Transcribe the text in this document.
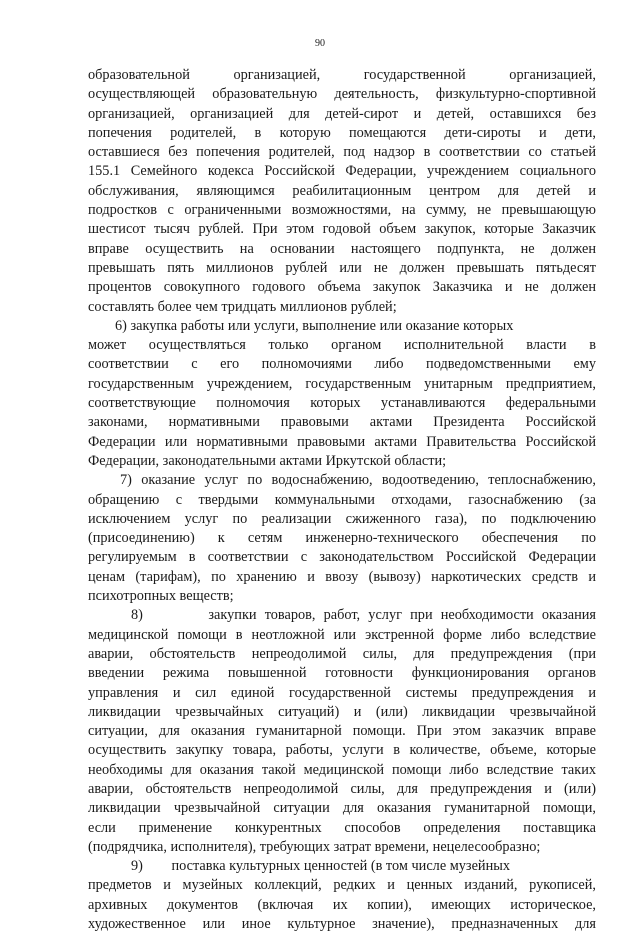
90

образовательной организацией, государственной организацией,

осуществляющей образовательную деятельность, физкультурно-спортивной

организацией, организацией для детей-сирот и детей, оставшихся без

попечения родителей, в которую помещаются дети-сироты и дети,

оставшиеся без попечения родителей, под надзор в соответствии со статьей

155.1 Семейного кодекса Российской Федерации, учреждением социального

обслуживания, являющимся реабилитационным центром для детей и

подростков с ограниченными возможностями, на сумму, не превышающую

шестисот тысяч рублей. При этом годовой объем закупок, которые Заказчик

вправе осуществить на основании настоящего подпункта, не должен

превышать пять миллионов рублей или не должен превышать пятьдесят

процентов совокупного годового объема закупок Заказчика и не должен

составлять более чем тридцать миллионов рублей;

6) закупка работы или услуги, выполнение или оказание которых

может осуществляться только органом исполнительной власти в

соответствии с его полномочиями либо подведомственными ему

государственным учреждением, государственным унитарным предприятием,

соответствующие полномочия которых устанавливаются федеральными

законами, нормативными правовыми актами Президента Российской

Федерации или нормативными правовыми актами Правительства Российской

Федерации, законодательными актами Иркутской области;

7) оказание услуг по водоснабжению, водоотведению, теплоснабжению,

обращению с твердыми коммунальными отходами, газоснабжению (за

исключением услуг по реализации сжиженного газа), по подключению

(присоединению) к сетям инженерно-технического обеспечения по

регулируемым в соответствии с законодательством Российской Федерации

ценам (тарифам), по хранению и ввозу (вывозу) наркотических средств и

психотропных веществ;

8)        закупки товаров, работ, услуг при необходимости оказания

медицинской помощи в неотложной или экстренной форме либо вследствие

аварии, обстоятельств непреодолимой силы, для предупреждения (при

введении режима повышенной готовности функционирования органов

управления и сил единой государственной системы предупреждения и

ликвидации чрезвычайных ситуаций) и (или) ликвидации чрезвычайной

ситуации, для оказания гуманитарной помощи. При этом заказчик вправе

осуществить закупку товара, работы, услуги в количестве, объеме, которые

необходимы для оказания такой медицинской помощи либо вследствие таких

аварии, обстоятельств непреодолимой силы, для предупреждения и (или)

ликвидации чрезвычайной ситуации для оказания гуманитарной помощи,

если применение конкурентных способов определения поставщика

(подрядчика, исполнителя), требующих затрат времени, нецелесообразно;

9)        поставка культурных ценностей (в том числе музейных

предметов и музейных коллекций, редких и ценных изданий, рукописей,

архивных документов (включая их копии), имеющих историческое,

художественное или иное культурное значение), предназначенных для
